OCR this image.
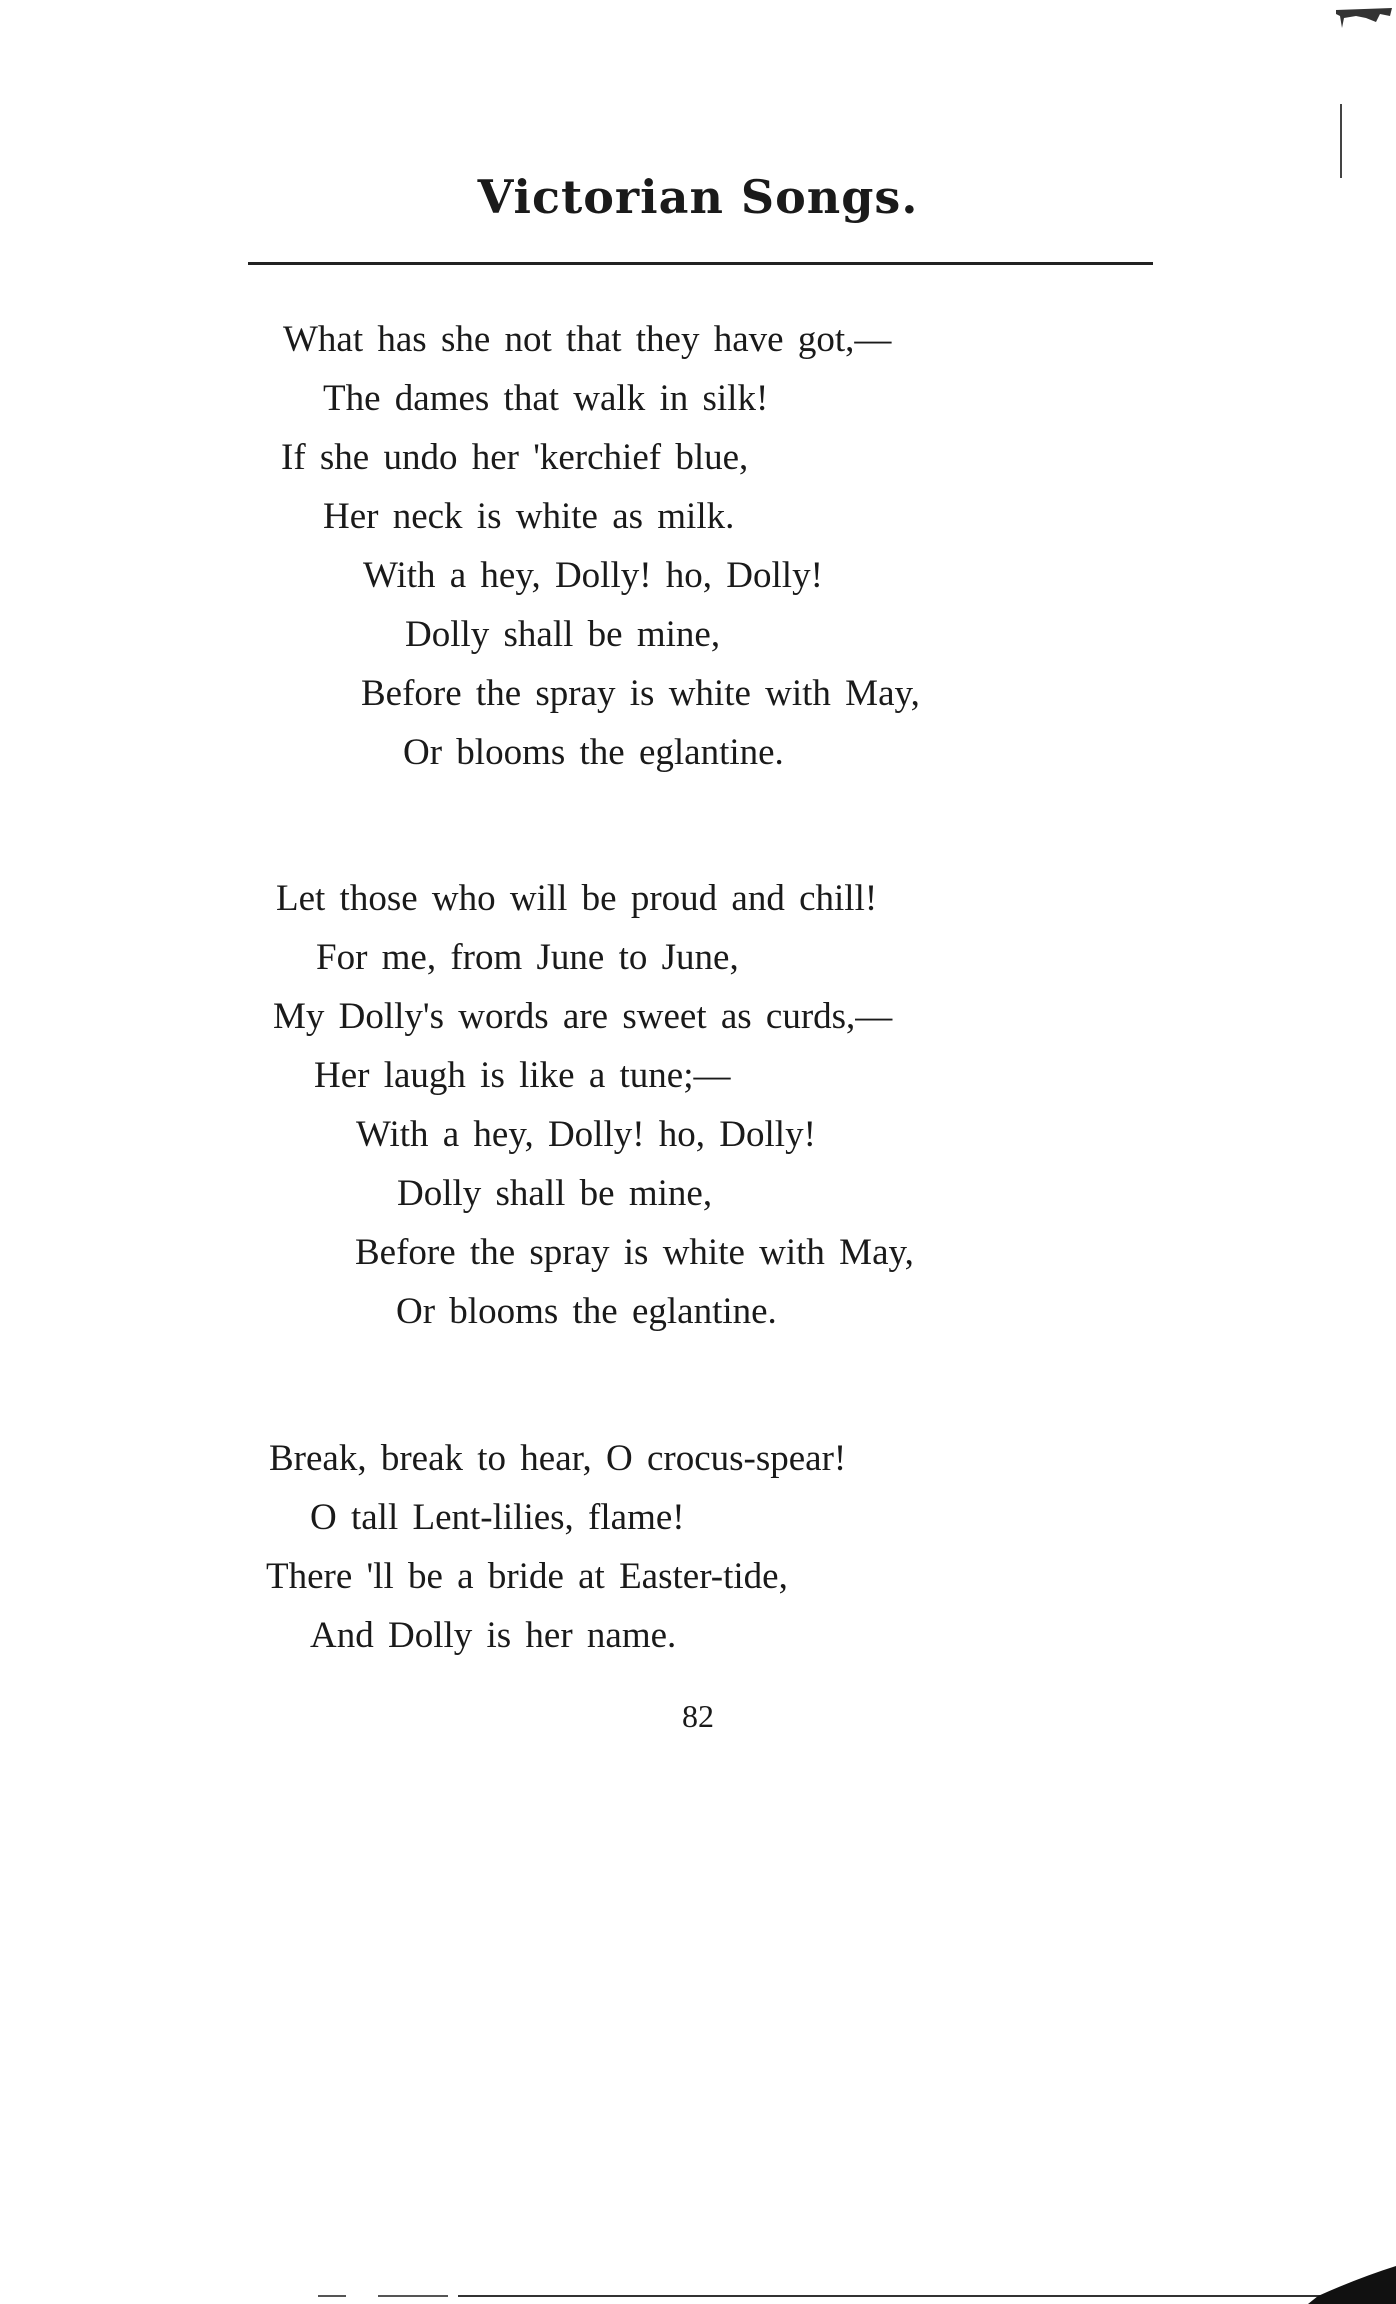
Victorian Songs.
What has she not that they have got,—
The dames that walk in silk!
If she undo her 'kerchief blue,
Her neck is white as milk.
With a hey, Dolly! ho, Dolly!
Dolly shall be mine,
Before the spray is white with May,
Or blooms the eglantine.
Let those who will be proud and chill!
For me, from June to June,
My Dolly's words are sweet as curds,—
Her laugh is like a tune;—
With a hey, Dolly! ho, Dolly!
Dolly shall be mine,
Before the spray is white with May,
Or blooms the eglantine.
Break, break to hear, O crocus-spear!
O tall Lent-lilies, flame!
There 'll be a bride at Easter-tide,
And Dolly is her name.
82
